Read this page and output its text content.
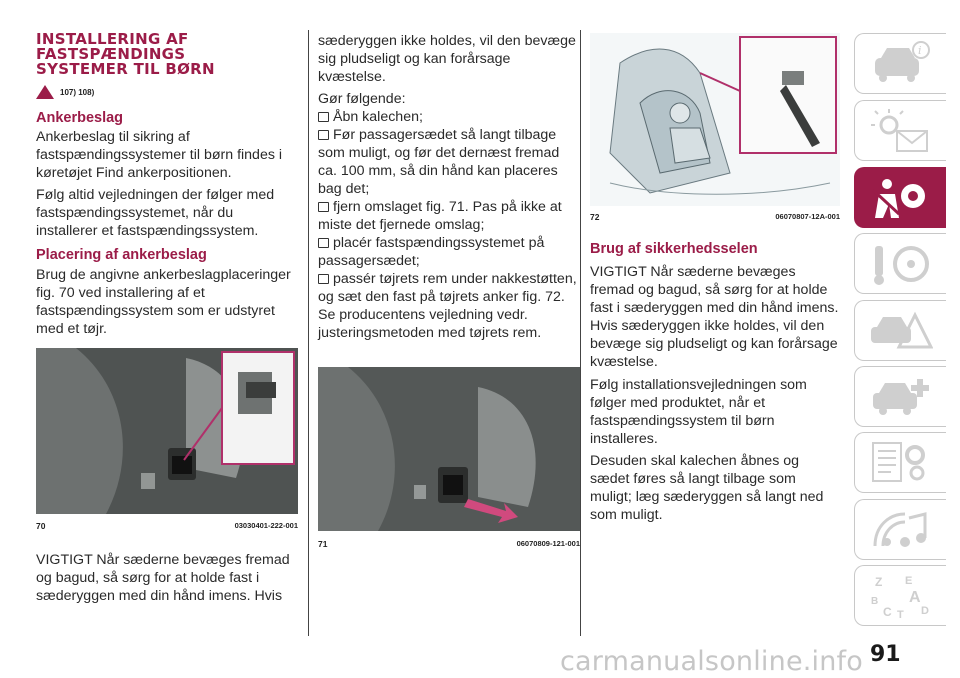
INSTALLERING AF
FASTSPÆNDINGS
SYSTEMER TIL BØRN
107) 108)
Ankerbeslag
Ankerbeslag til sikring af fastspændingssystemer til børn findes i køretøjet Find ankerpositionen.
Følg altid vejledningen der følger med fastspændingssystemet, når du installerer et fastspændingssystem.
Placering af ankerbeslag
Brug de angivne ankerbeslagplaceringer fig. 70 ved installering af et fastspændingssystem som er udstyret med et tøjr.
70	03030401-222-001
VIGTIGT Når sæderne bevæges fremad og bagud, så sørg for at holde fast i sæderyggen med din hånd imens. Hvis
sæderyggen ikke holdes, vil den bevæge sig pludseligt og kan forårsage kvæstelse.
Gør følgende:
Åbn kalechen;
Før passagersædet så langt tilbage som muligt, og før det dernæst fremad ca. 100 mm, så din hånd kan placeres bag det;
fjern omslaget fig. 71. Pas på ikke at miste det fjernede omslag;
placér fastspændingssystemet på passagersædet;
passér tøjrets rem under nakkestøtten, og sæt den fast på tøjrets anker fig. 72. Se producentens vejledning vedr. justeringsmetoden med tøjrets rem.
71	06070809-121-001
72	06070807-12A-001
Brug af sikkerhedsselen
VIGTIGT Når sæderne bevæges fremad og bagud, så sørg for at holde fast i sæderyggen med din hånd imens. Hvis sæderyggen ikke holdes, vil den bevæge sig pludseligt og kan forårsage kvæstelse.
Følg installationsvejledningen som følger med produktet, når et fastspændingssystem til børn installeres.
Desuden skal kalechen åbnes og sædet føres så langt tilbage som muligt; læg sæderyggen så langt ned som muligt.
i
Z E
B A
C T D
91
carmanualsonline.info
